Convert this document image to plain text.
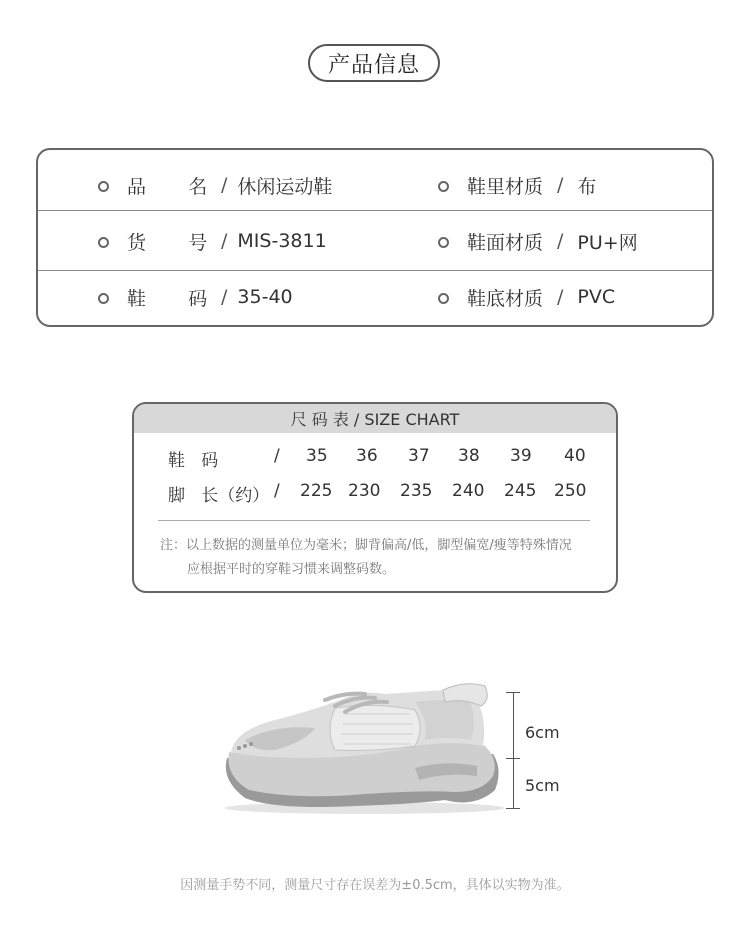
产品信息
品       名 / 休闲运动鞋	鞋里材质 / 布
货       号 / MIS-3811	鞋面材质 / PU+网
鞋       码 / 35-40	鞋底材质 / PVC
尺 码 表 / SIZE CHART
鞋   码	/ 35 36 37 38 39 40
脚   长（约） / 225 230 235 240 245 250
注：以上数据的测量单位为毫米；脚背偏高/低，脚型偏宽/瘦等特殊情况
应根据平时的穿鞋习惯来调整码数。
6cm
5cm
因测量手势不同，测量尺寸存在误差为±0.5cm，具体以实物为准。
